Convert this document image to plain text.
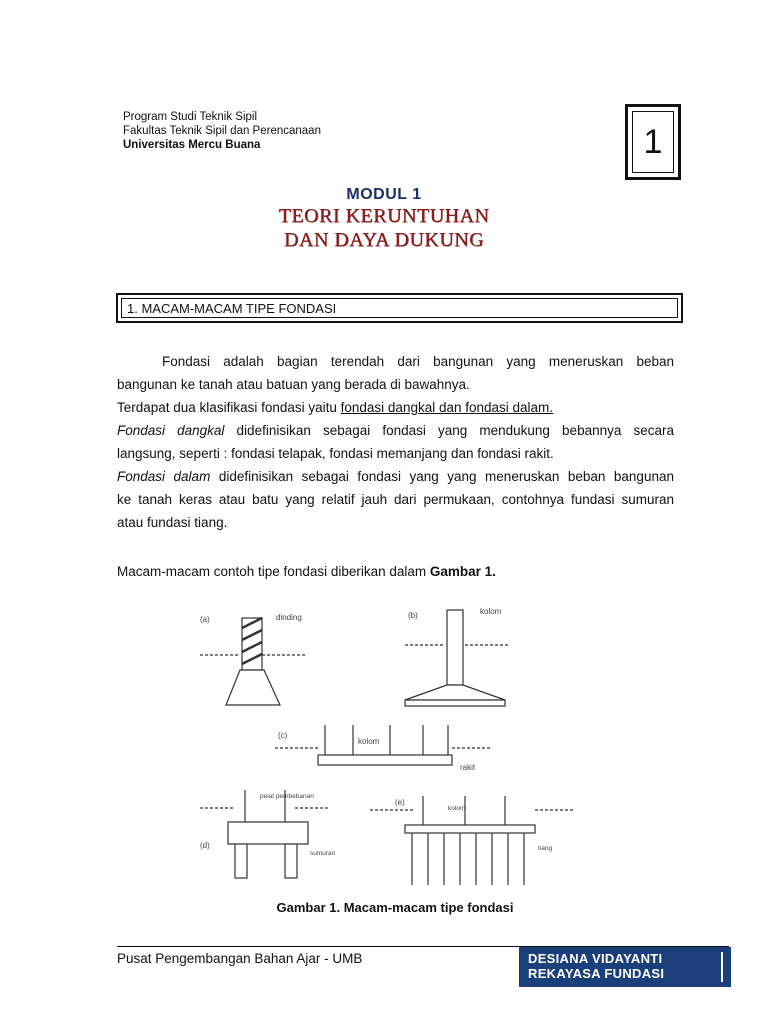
Program Studi Teknik Sipil
Fakultas Teknik Sipil dan Perencanaan
Universitas Mercu Buana	1
MODUL 1
TEORI KERUNTUHAN
DAN DAYA DUKUNG
1. MACAM-MACAM TIPE FONDASI
Fondasi adalah bagian terendah dari bangunan yang meneruskan beban
bangunan ke tanah atau batuan yang berada di bawahnya.
Terdapat dua klasifikasi fondasi yaitu fondasi dangkal dan fondasi dalam.
Fondasi dangkal didefinisikan sebagai fondasi yang mendukung bebannya secara
langsung, seperti : fondasi telapak, fondasi memanjang dan fondasi rakit.
Fondasi dalam didefinisikan sebagai fondasi yang yang meneruskan beban bangunan
ke tanah keras atau batu yang relatif jauh dari permukaan, contohnya fundasi sumuran
atau fundasi tiang.
Macam-macam contoh tipe fondasi diberikan dalam Gambar 1.
(a)	dinding	(b)	kolom
(c)
kolom
rakit
pelat pembebanan
(d)
sumuran
(e)
kolom
tiang
Gambar 1. Macam-macam tipe fondasi
Pusat Pengembangan Bahan Ajar - UMB	DESIANA VIDAYANTI
REKAYASA FUNDASI
